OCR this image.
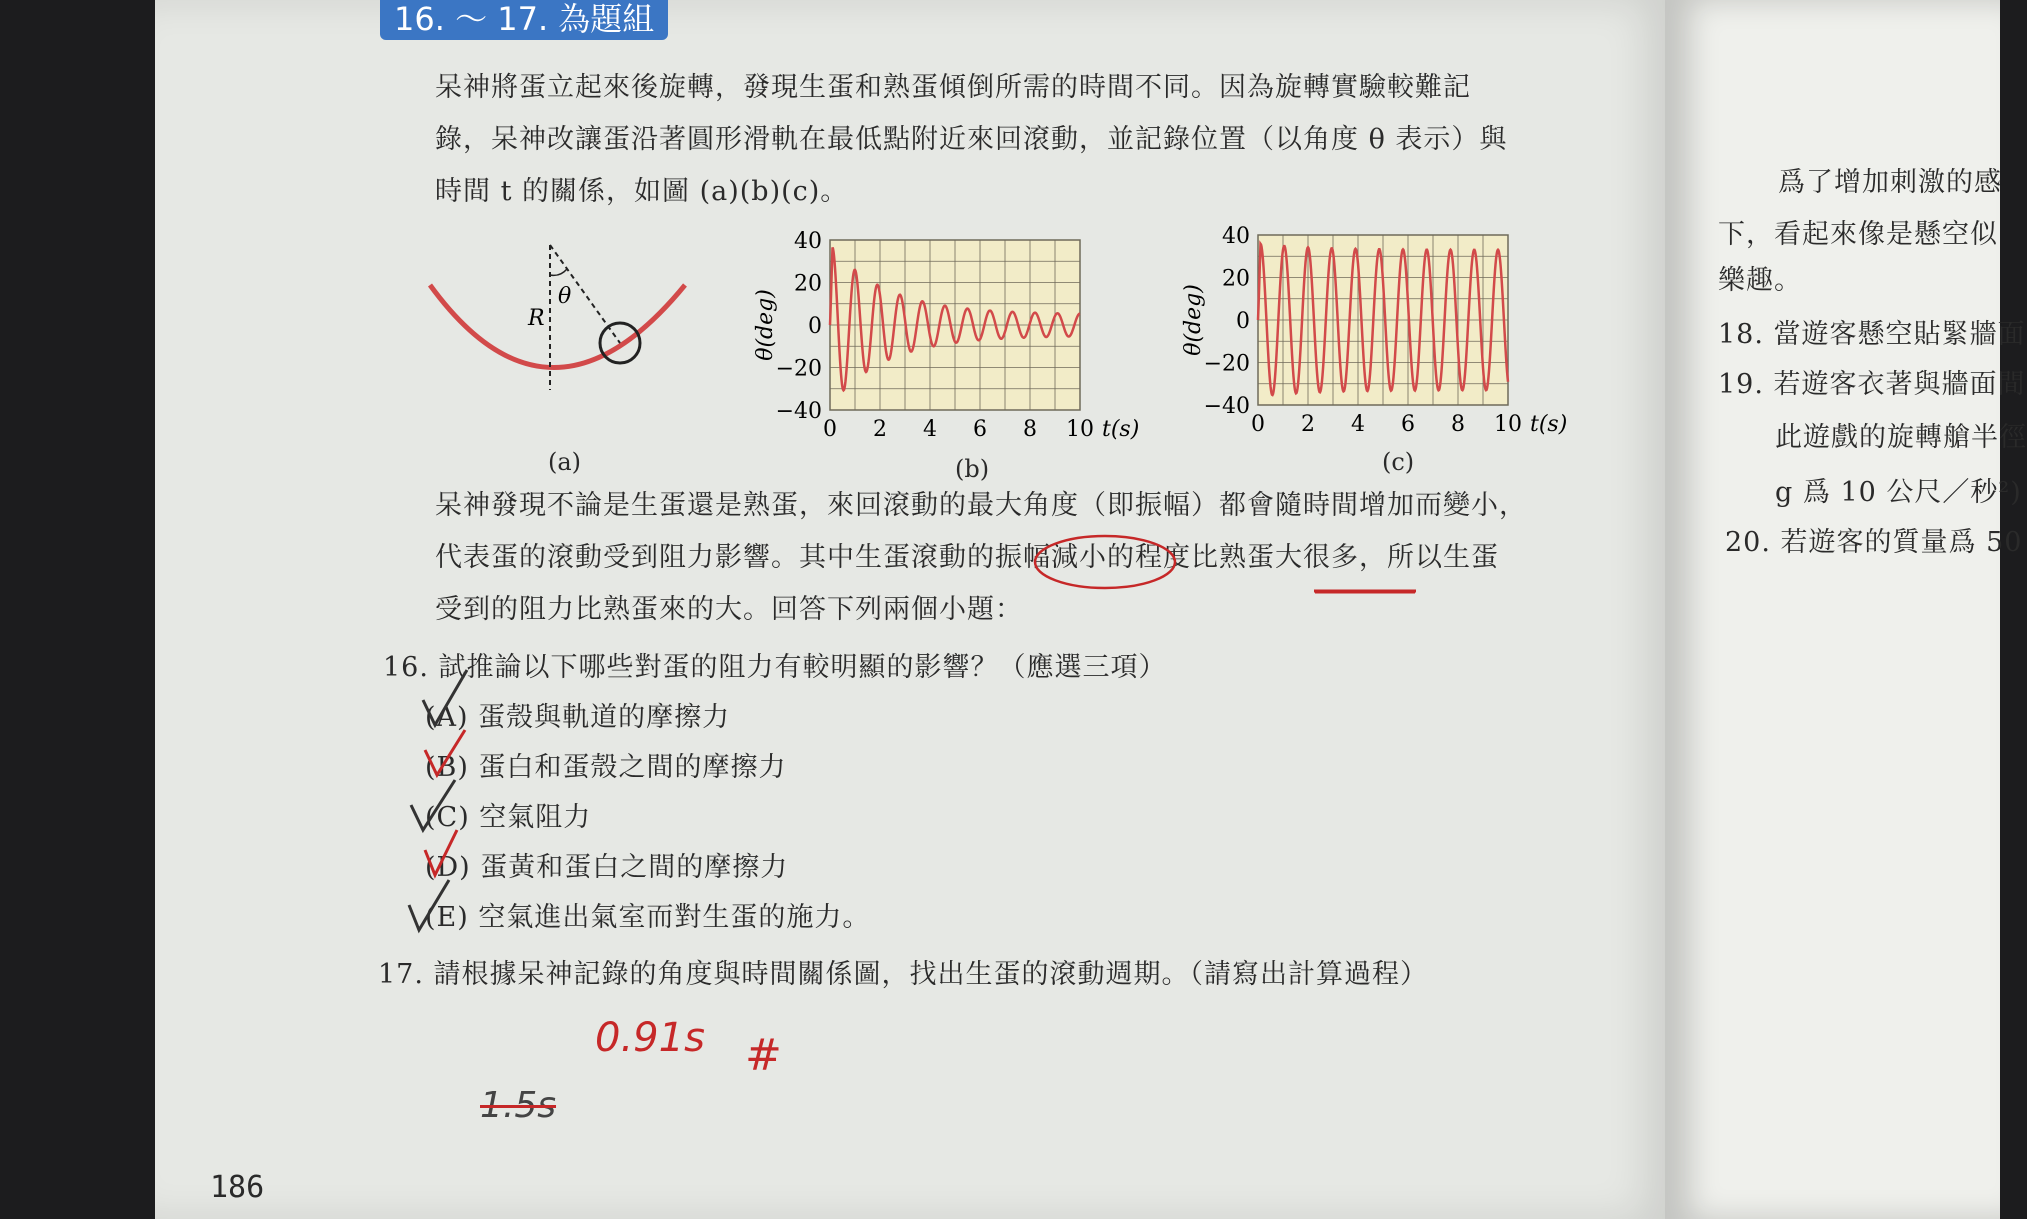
16. ～ 17. 為題組

呆神將蛋立起來後旋轉，發現生蛋和熟蛋傾倒所需的時間不同。因為旋轉實驗較難記

錄，呆神改讓蛋沿著圓形滑軌在最低點附近來回滾動，並記錄位置（以角度 θ 表示）與

時間 t 的關係，如圖 (a)(b)(c)。

θ
R
(a)
40
20
0
−20
−40
0 2 4 6 8 10 t(s)
θ(deg)
(b)
40
20
0
−20
−40
0 2 4 6 8 10 t(s)
θ(deg)
(c)

呆神發現不論是生蛋還是熟蛋，來回滾動的最大角度（即振幅）都會隨時間增加而變小，

代表蛋的滾動受到阻力影響。其中生蛋滾動的振幅減小的程度比熟蛋大很多，所以生蛋

受到的阻力比熟蛋來的大。回答下列兩個小題：

16. 試推論以下哪些對蛋的阻力有較明顯的影響？（應選三項）
(A) 蛋殼與軌道的摩擦力
(B) 蛋白和蛋殼之間的摩擦力
(C) 空氣阻力
(D) 蛋黃和蛋白之間的摩擦力
(E) 空氣進出氣室而對生蛋的施力。
17. 請根據呆神記錄的角度與時間關係圖，找出生蛋的滾動週期。（請寫出計算過程）
0.91s #
1.5s
186
爲了增加刺激的感
下，看起來像是懸空似
樂趣。
18. 當遊客懸空貼緊牆面
19. 若遊客衣著與牆面間
此遊戲的旋轉艙半徑
g 爲 10 公尺／秒²)
20. 若遊客的質量爲 50
